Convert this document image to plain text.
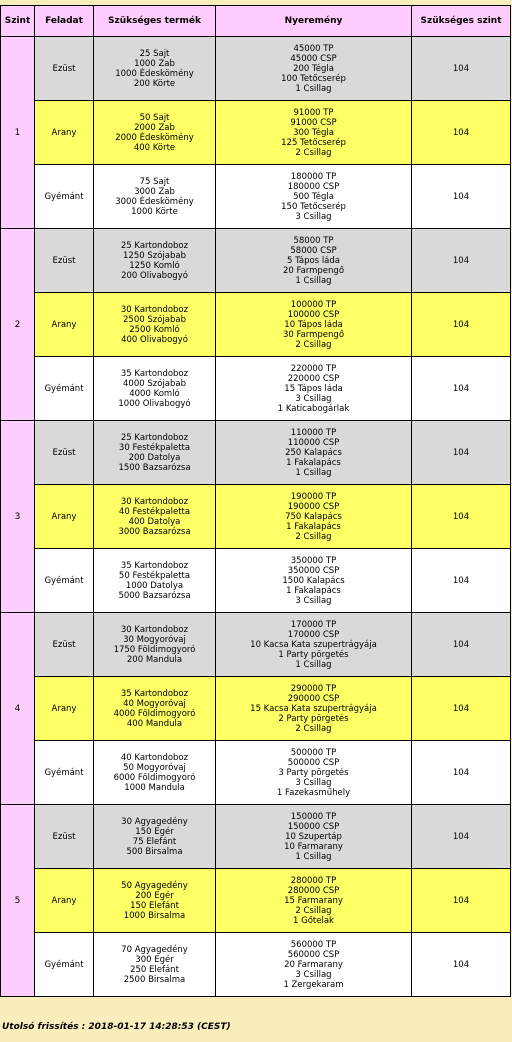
Szint	Feladat	Szükséges termék	Nyeremény	Szükséges szint
1	Ezüst	25 Sajt
1000 Zab
1000 Édeskömény
200 Körte	45000 TP
45000 CSP
200 Tégla
100 Tetőcserép
1 Csillag	104
	Arany	50 Sajt
2000 Zab
2000 Édeskömény
400 Körte	91000 TP
91000 CSP
300 Tégla
125 Tetőcserép
2 Csillag	104
	Gyémánt	75 Sajt
3000 Zab
3000 Édeskömény
1000 Körte	180000 TP
180000 CSP
500 Tégla
150 Tetőcserép
3 Csillag	104
2	Ezüst	25 Kartondoboz
1250 Szójabab
1250 Komló
200 Olivabogyó	58000 TP
58000 CSP
5 Tápos láda
20 Farmpengő
1 Csillag	104
	Arany	30 Kartondoboz
2500 Szójabab
2500 Komló
400 Olivabogyó	100000 TP
100000 CSP
10 Tápos láda
30 Farmpengő
2 Csillag	104
	Gyémánt	35 Kartondoboz
4000 Szójabab
4000 Komló
1000 Olivabogyó	220000 TP
220000 CSP
15 Tápos láda
3 Csillag
1 Katicabogárlak	104
3	Ezüst	25 Kartondoboz
30 Festékpaletta
200 Datolya
1500 Bazsarózsa	110000 TP
110000 CSP
250 Kalapács
1 Fakalapács
1 Csillag	104
	Arany	30 Kartondoboz
40 Festékpaletta
400 Datolya
3000 Bazsarózsa	190000 TP
190000 CSP
750 Kalapács
1 Fakalapács
2 Csillag	104
	Gyémánt	35 Kartondoboz
50 Festékpaletta
1000 Datolya
5000 Bazsarózsa	350000 TP
350000 CSP
1500 Kalapács
1 Fakalapács
3 Csillag	104
4	Ezüst	30 Kartondoboz
30 Mogyoróvaj
1750 Földimogyoró
200 Mandula	170000 TP
170000 CSP
10 Kacsa Kata szupertrágyája
1 Party pörgetés
1 Csillag	104
	Arany	35 Kartondoboz
40 Mogyoróvaj
4000 Földimogyoró
400 Mandula	290000 TP
290000 CSP
15 Kacsa Kata szupertrágyája
2 Party pörgetés
2 Csillag	104
	Gyémánt	40 Kartondoboz
50 Mogyoróvaj
6000 Földimogyoró
1000 Mandula	500000 TP
500000 CSP
3 Party pörgetés
3 Csillag
1 Fazekasműhely	104
5	Ezüst	30 Agyagedény
150 Egér
75 Elefánt
500 Birsalma	150000 TP
150000 CSP
10 Szupertáp
10 Farmarany
1 Csillag	104
	Arany	50 Agyagedény
200 Egér
150 Elefánt
1000 Birsalma	280000 TP
280000 CSP
15 Farmarany
2 Csillag
1 Gőtelak	104
	Gyémánt	70 Agyagedény
300 Egér
250 Elefánt
2500 Birsalma	560000 TP
560000 CSP
20 Farmarany
3 Csillag
1 Zergekaram	104
Utolsó frissítés : 2018-01-17 14:28:53 (CEST)
